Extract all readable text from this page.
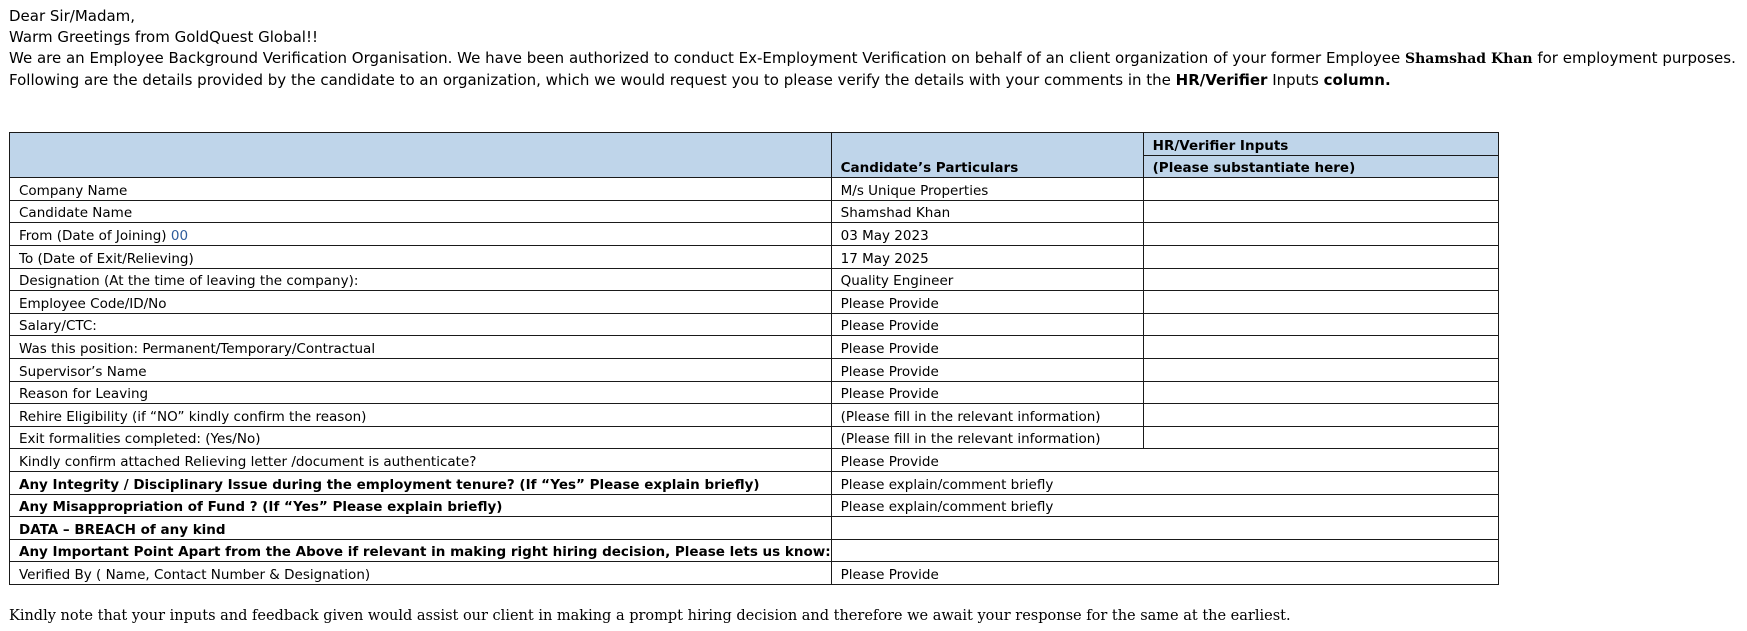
Dear Sir/Madam,
Warm Greetings from GoldQuest Global!!
We are an Employee Background Verification Organisation. We have been authorized to conduct Ex-Employment Verification on behalf of an client organization of your former Employee Shamshad Khan for employment purposes.
Following are the details provided by the candidate to an organization, which we would request you to please verify the details with your comments in the HR/Verifier Inputs column.
	Candidate’s Particulars	HR/Verifier Inputs
		(Please substantiate here)
Company Name	M/s Unique Properties	
Candidate Name	Shamshad Khan	
From (Date of Joining) 00	03 May 2023	
To (Date of Exit/Relieving)	17 May 2025	
Designation (At the time of leaving the company):	Quality Engineer	
Employee Code/ID/No	Please Provide	
Salary/CTC:	Please Provide	
Was this position: Permanent/Temporary/Contractual	Please Provide	
Supervisor’s Name	Please Provide	
Reason for Leaving	Please Provide	
Rehire Eligibility (if “NO” kindly confirm the reason)	(Please fill in the relevant information)	
Exit formalities completed: (Yes/No)	(Please fill in the relevant information)	
Kindly confirm attached Relieving letter /document is authenticate?	Please Provide	
Any Integrity / Disciplinary Issue during the employment tenure? (If “Yes” Please explain briefly)	Please explain/comment briefly	
Any Misappropriation of Fund ? (If “Yes” Please explain briefly)	Please explain/comment briefly	
DATA – BREACH of any kind		
Any Important Point Apart from the Above if relevant in making right hiring decision, Please lets us know:		
Verified By ( Name, Contact Number & Designation)	Please Provide	
Kindly note that your inputs and feedback given would assist our client in making a prompt hiring decision and therefore we await your response for the same at the earliest.
